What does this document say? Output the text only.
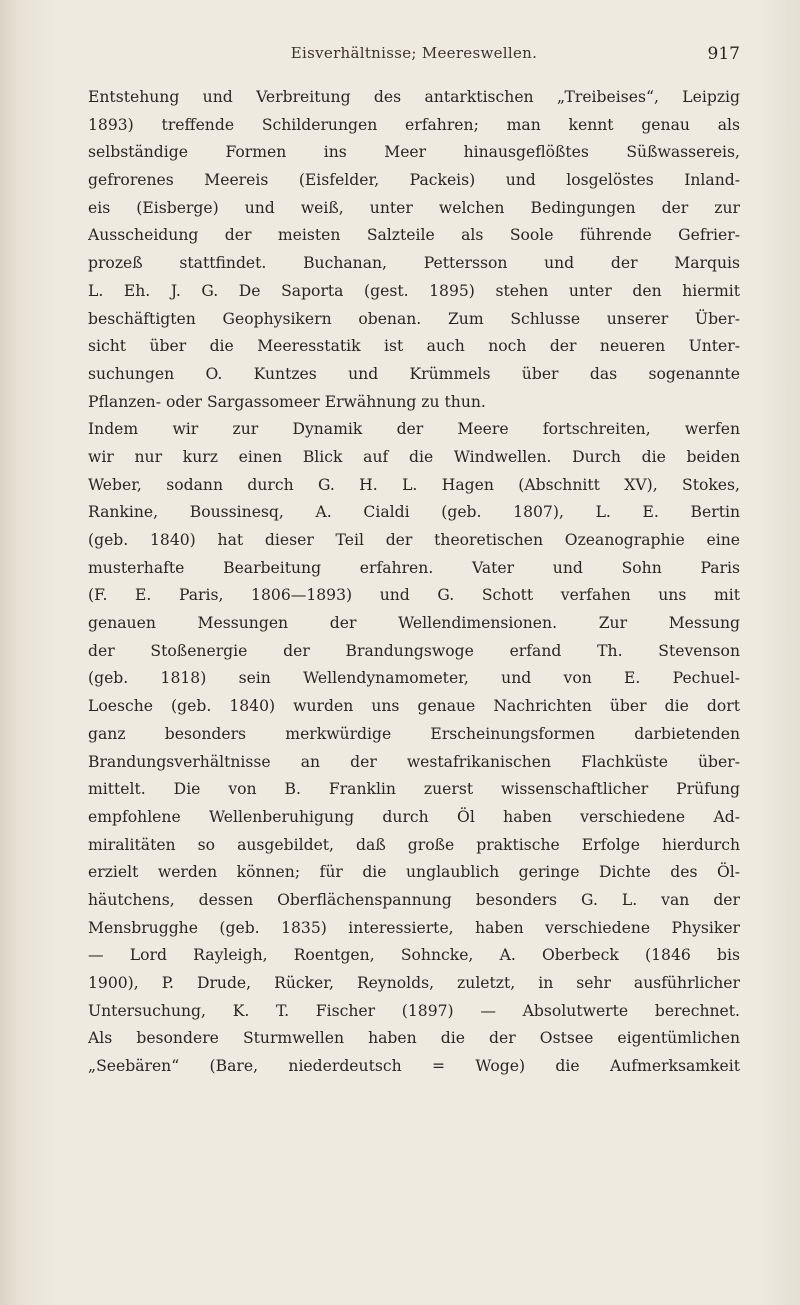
Eisverhältnisse; Meereswellen.	917
Entstehung und Verbreitung des antarktischen „Treibeises“, Leipzig
1893) treffende Schilderungen erfahren; man kennt genau als
selbständige Formen ins Meer hinausgeflößtes Süßwassereis,
gefrorenes Meereis (Eisfelder, Packeis) und losgelöstes Inland-
eis (Eisberge) und weiß, unter welchen Bedingungen der zur
Ausscheidung der meisten Salzteile als Soole führende Gefrier-
prozeß stattfindet. Buchanan, Pettersson und der Marquis
L. Eh. J. G. De Saporta (gest. 1895) stehen unter den hiermit
beschäftigten Geophysikern obenan. Zum Schlusse unserer Über-
sicht über die Meeresstatik ist auch noch der neueren Unter-
suchungen O. Kuntzes und Krümmels über das sogenannte
Pflanzen- oder Sargassomeer Erwähnung zu thun.
Indem wir zur Dynamik der Meere fortschreiten, werfen
wir nur kurz einen Blick auf die Windwellen. Durch die beiden
Weber, sodann durch G. H. L. Hagen (Abschnitt XV), Stokes,
Rankine, Boussinesq, A. Cialdi (geb. 1807), L. E. Bertin
(geb. 1840) hat dieser Teil der theoretischen Ozeanographie eine
musterhafte Bearbeitung erfahren. Vater und Sohn Paris
(F. E. Paris, 1806—1893) und G. Schott verfahen uns mit
genauen Messungen der Wellendimensionen. Zur Messung
der Stoßenergie der Brandungswoge erfand Th. Stevenson
(geb. 1818) sein Wellendynamometer, und von E. Pechuel-
Loesche (geb. 1840) wurden uns genaue Nachrichten über die dort
ganz besonders merkwürdige Erscheinungsformen darbietenden
Brandungsverhältnisse an der westafrikanischen Flachküste über-
mittelt. Die von B. Franklin zuerst wissenschaftlicher Prüfung
empfohlene Wellenberuhigung durch Öl haben verschiedene Ad-
miralitäten so ausgebildet, daß große praktische Erfolge hierdurch
erzielt werden können; für die unglaublich geringe Dichte des Öl-
häutchens, dessen Oberflächenspannung besonders G. L. van der
Mensbrugghe (geb. 1835) interessierte, haben verschiedene Physiker
— Lord Rayleigh, Roentgen, Sohncke, A. Oberbeck (1846 bis
1900), P. Drude, Rücker, Reynolds, zuletzt, in sehr ausführlicher
Untersuchung, K. T. Fischer (1897) — Absolutwerte berechnet.
Als besondere Sturmwellen haben die der Ostsee eigentümlichen
„Seebären“ (Bare, niederdeutsch = Woge) die Aufmerksamkeit
